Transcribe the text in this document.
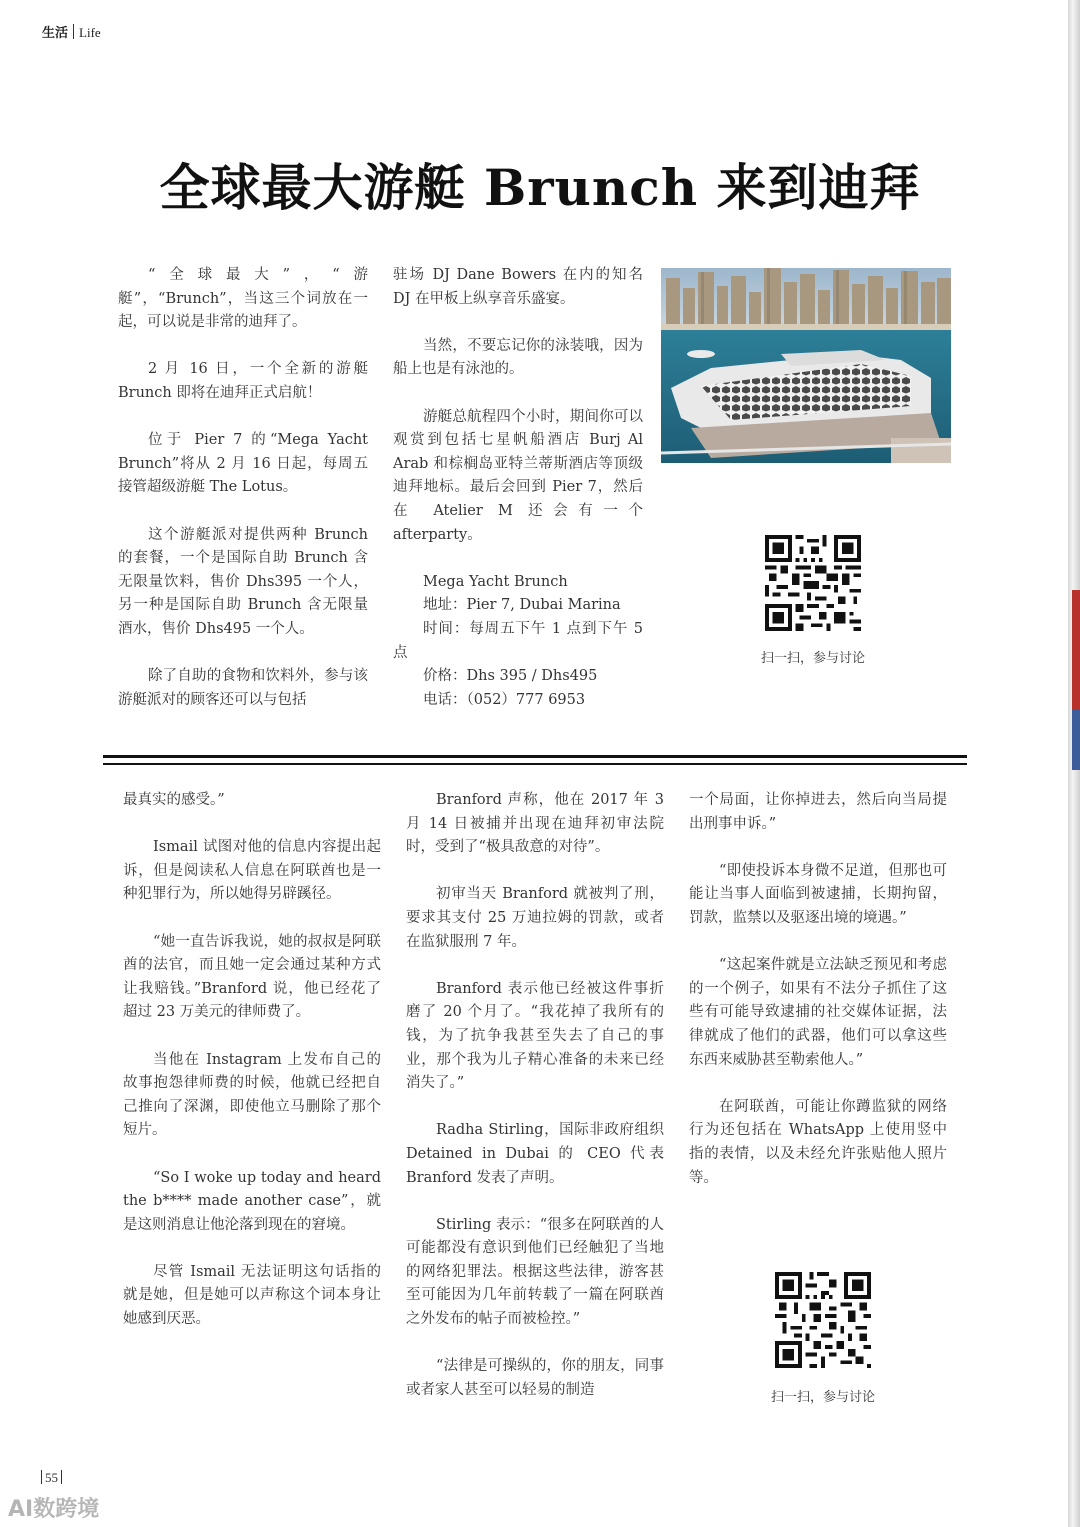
生活 Life
全球最大游艇 Brunch 来到迪拜

“全球最大”，“游艇”，“Brunch”，当这三个词放在一起，可以说是非常的迪拜了。

2 月 16 日，一个全新的游艇 Brunch 即将在迪拜正式启航！

位于 Pier 7 的“Mega Yacht Brunch”将从 2 月 16 日起，每周五接管超级游艇 The Lotus。

这个游艇派对提供两种 Brunch 的套餐，一个是国际自助 Brunch 含无限量饮料，售价 Dhs395 一个人，另一种是国际自助 Brunch 含无限量酒水，售价 Dhs495 一个人。

除了自助的食物和饮料外，参与该游艇派对的顾客还可以与包括

驻场 DJ Dane Bowers 在内的知名 DJ 在甲板上纵享音乐盛宴。

当然，不要忘记你的泳装哦，因为船上也是有泳池的。

游艇总航程四个小时，期间你可以观赏到包括七星帆船酒店 Burj Al Arab 和棕榈岛亚特兰蒂斯酒店等顶级迪拜地标。最后会回到 Pier 7，然后在 Atelier M 还会有一个 afterparty。

Mega Yacht Brunch

地址：Pier 7, Dubai Marina

时间：每周五下午 1 点到下午 5 点

价格：Dhs 395 / Dhs495

电话：（052）777 6953

扫一扫，参与讨论

最真实的感受。”

Ismail 试图对他的信息内容提出起诉，但是阅读私人信息在阿联酋也是一种犯罪行为，所以她得另辟蹊径。

“她一直告诉我说，她的叔叔是阿联酋的法官，而且她一定会通过某种方式让我赔钱。”Branford 说，他已经花了超过 23 万美元的律师费了。

当他在 Instagram 上发布自己的故事抱怨律师费的时候，他就已经把自己推向了深渊，即使他立马删除了那个短片。

“So I woke up today and heard the b**** made another case”，就是这则消息让他沦落到现在的窘境。

尽管 Ismail 无法证明这句话指的就是她，但是她可以声称这个词本身让她感到厌恶。

Branford 声称，他在 2017 年 3 月 14 日被捕并出现在迪拜初审法院时，受到了“极具敌意的对待”。

初审当天 Branford 就被判了刑，要求其支付 25 万迪拉姆的罚款，或者在监狱服刑 7 年。

Branford 表示他已经被这件事折磨了 20 个月了。“我花掉了我所有的钱，为了抗争我甚至失去了自己的事业，那个我为儿子精心准备的未来已经消失了。”

Radha Stirling，国际非政府组织 Detained in Dubai 的 CEO 代表 Branford 发表了声明。

Stirling 表示：“很多在阿联酋的人可能都没有意识到他们已经触犯了当地的网络犯罪法。根据这些法律，游客甚至可能因为几年前转载了一篇在阿联酋之外发布的帖子而被检控。”

“法律是可操纵的，你的朋友，同事或者家人甚至可以轻易的制造

一个局面，让你掉进去，然后向当局提出刑事申诉。”

“即使投诉本身微不足道，但那也可能让当事人面临到被逮捕，长期拘留，罚款，监禁以及驱逐出境的境遇。”

“这起案件就是立法缺乏预见和考虑的一个例子，如果有不法分子抓住了这些有可能导致逮捕的社交媒体证据，法律就成了他们的武器，他们可以拿这些东西来威胁甚至勒索他人。”

在阿联酋，可能让你蹲监狱的网络行为还包括在 WhatsApp 上使用竖中指的表情，以及未经允许张贴他人照片等。

扫一扫，参与讨论
55
AI数跨境
